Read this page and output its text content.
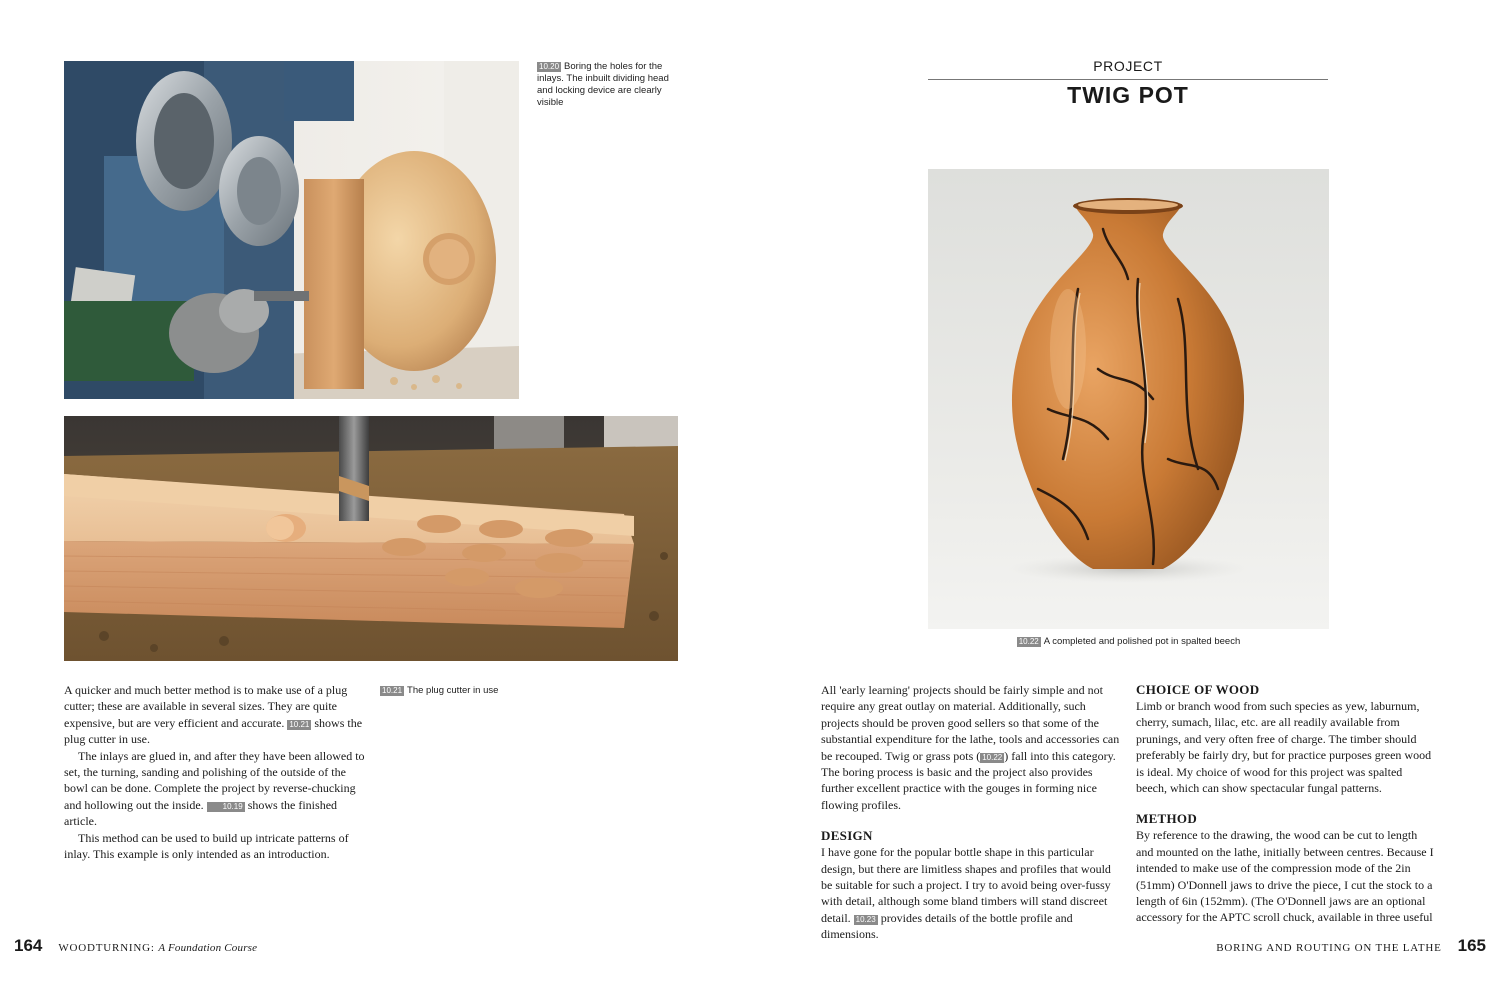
10.20 Boring the holes for the inlays. The inbuilt dividing head and locking device are clearly visible
10.21 The plug cutter in use

A quicker and much better method is to make use of a plug cutter; these are available in several sizes. They are quite expensive, but are very efficient and accurate. 10.21 shows the plug cutter in use.

The inlays are glued in, and after they have been allowed to set, the turning, sanding and polishing of the outside of the bowl can be done. Complete the project by reverse-chucking and hollowing out the inside. 10.19 shows the finished article.

This method can be used to build up intricate patterns of inlay. This example is only intended as an introduction.

164 WOODTURNING: A Foundation Course
PROJECT
TWIG POT
10.22 A completed and polished pot in spalted beech

All 'early learning' projects should be fairly simple and not require any great outlay on material. Additionally, such projects should be proven good sellers so that some of the substantial expenditure for the lathe, tools and accessories can be recouped. Twig or grass pots ( 10.22 ) fall into this category. The boring process is basic and the project also provides further excellent practice with the gouges in forming nice flowing profiles.

DESIGN

I have gone for the popular bottle shape in this particular design, but there are limitless shapes and profiles that would be suitable for such a project. I try to avoid being over-fussy with detail, although some bland timbers will stand discreet detail. 10.23 provides details of the bottle profile and dimensions.

CHOICE OF WOOD

Limb or branch wood from such species as yew, laburnum, cherry, sumach, lilac, etc. are all readily available from prunings, and very often free of charge. The timber should preferably be fairly dry, but for practice purposes green wood is ideal. My choice of wood for this project was spalted beech, which can show spectacular fungal patterns.

METHOD

By reference to the drawing, the wood can be cut to length and mounted on the lathe, initially between centres. Because I intended to make use of the compression mode of the 2in (51mm) O'Donnell jaws to drive the piece, I cut the stock to a length of 6in (152mm). (The O'Donnell jaws are an optional accessory for the APTC scroll chuck, available in three useful

BORING AND ROUTING ON THE LATHE 165
